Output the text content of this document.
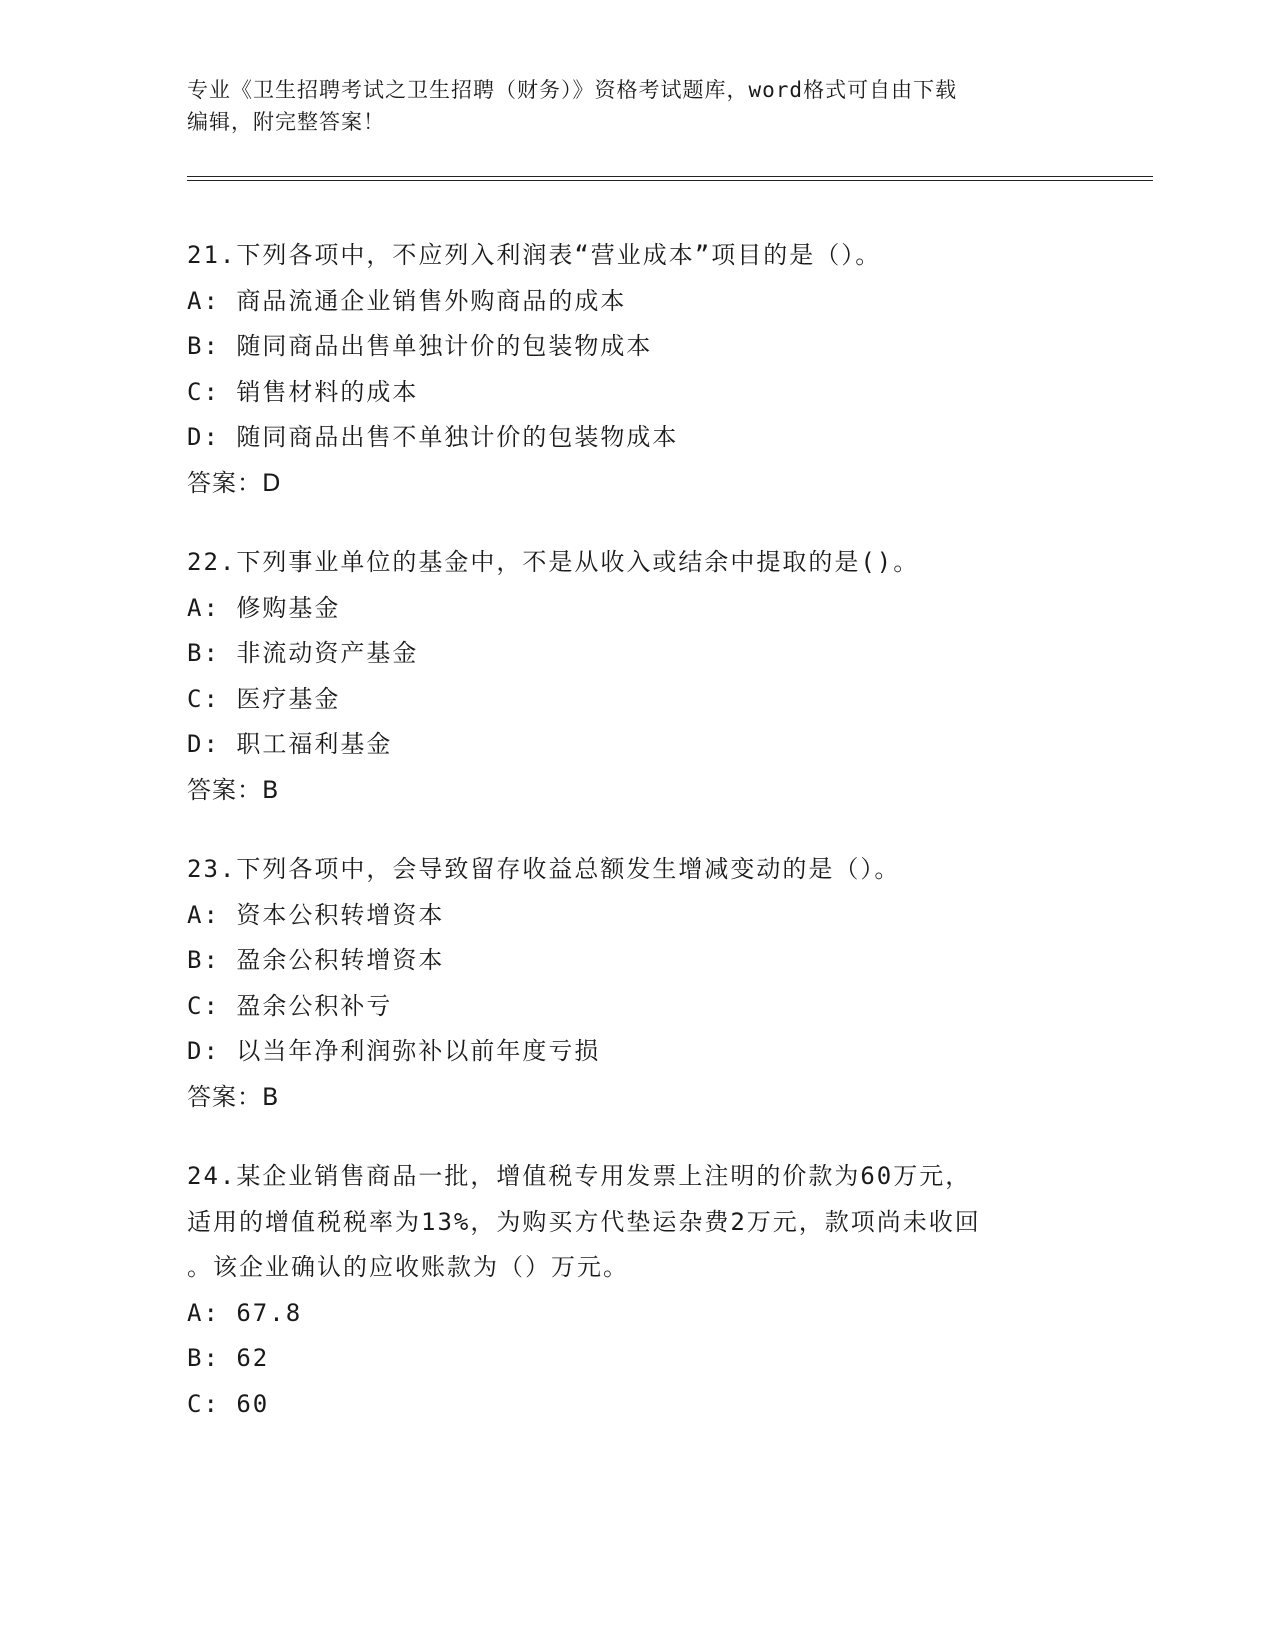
专业《卫生招聘考试之卫生招聘（财务）》资格考试题库，word格式可自由下载
编辑，附完整答案！
21.下列各项中，不应列入利润表“营业成本”项目的是（）。
A: 商品流通企业销售外购商品的成本
B: 随同商品出售单独计价的包装物成本
C: 销售材料的成本
D: 随同商品出售不单独计价的包装物成本
答案：D
22.下列事业单位的基金中，不是从收入或结余中提取的是()。
A: 修购基金
B: 非流动资产基金
C: 医疗基金
D: 职工福利基金
答案：B
23.下列各项中，会导致留存收益总额发生增减变动的是（）。
A: 资本公积转增资本
B: 盈余公积转增资本
C: 盈余公积补亏
D: 以当年净利润弥补以前年度亏损
答案：B
24.某企业销售商品一批，增值税专用发票上注明的价款为60万元，
适用的增值税税率为13%，为购买方代垫运杂费2万元，款项尚未收回
。该企业确认的应收账款为（）万元。
A: 67.8
B: 62
C: 60
